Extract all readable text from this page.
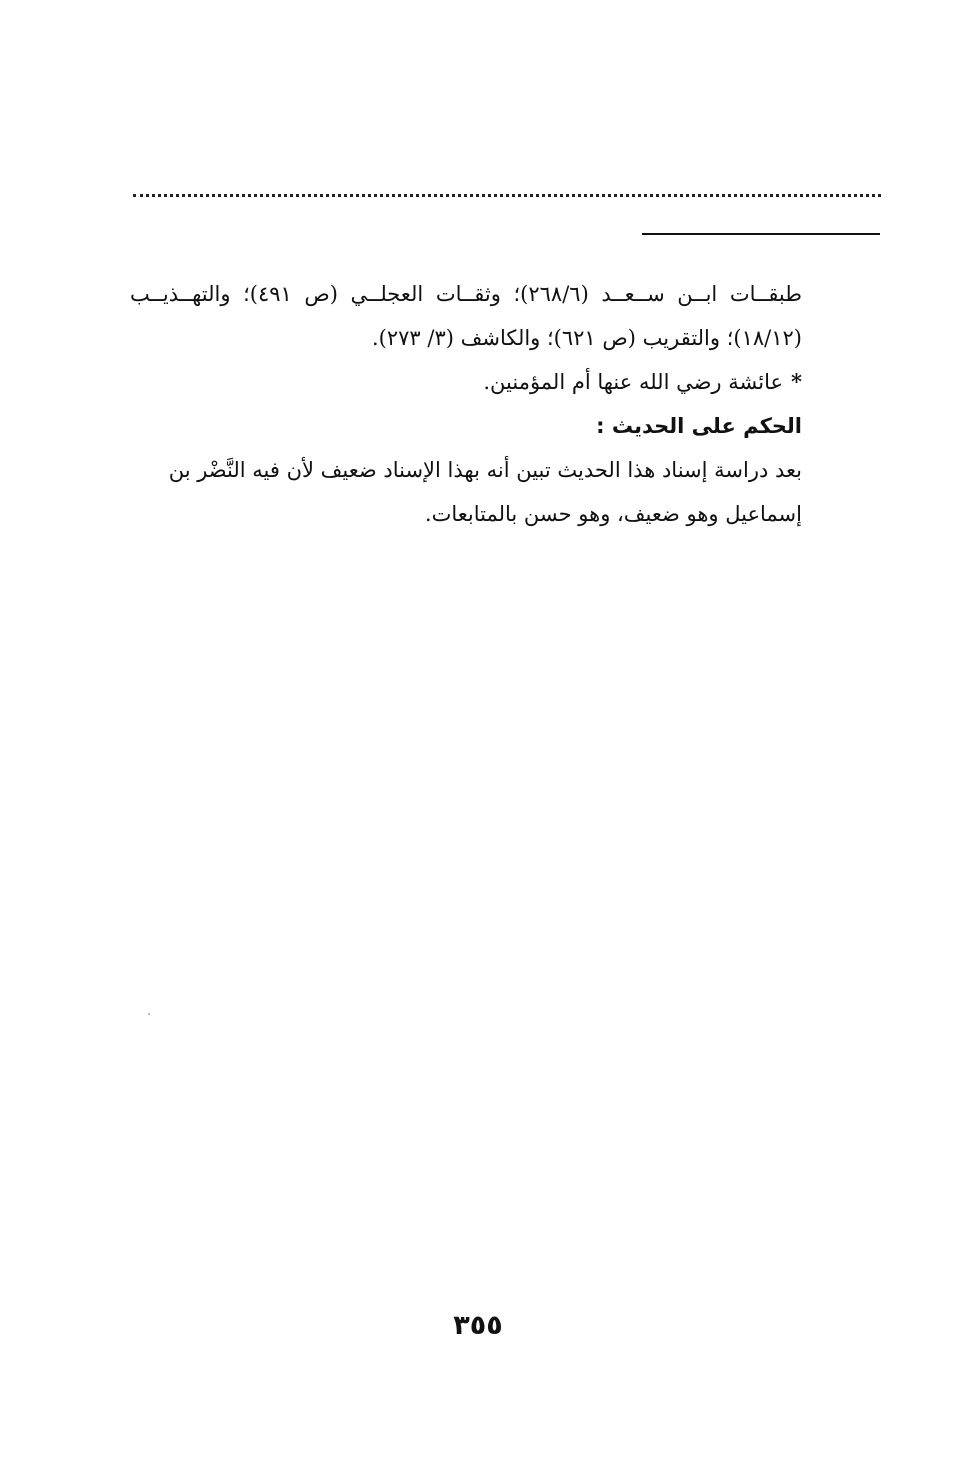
طبقــات ابــن ســعــد (٢٦٨/٦)؛ وثقــات العجلــي (ص ٤٩١)؛ والتهــذيــب
(١٨/١٢)؛ والتقريب (ص ٦٢١)؛ والكاشف (٣/ ٢٧٣).
*عائشة رضي الله عنها أم المؤمنين.
الحكم على الحديث :
بعد دراسة إسناد هذا الحديث تبين أنه بهذا الإسناد ضعيف لأن فيه النَّضْر بن
إسماعيل وهو ضعيف، وهو حسن بالمتابعات.
٣٥٥
